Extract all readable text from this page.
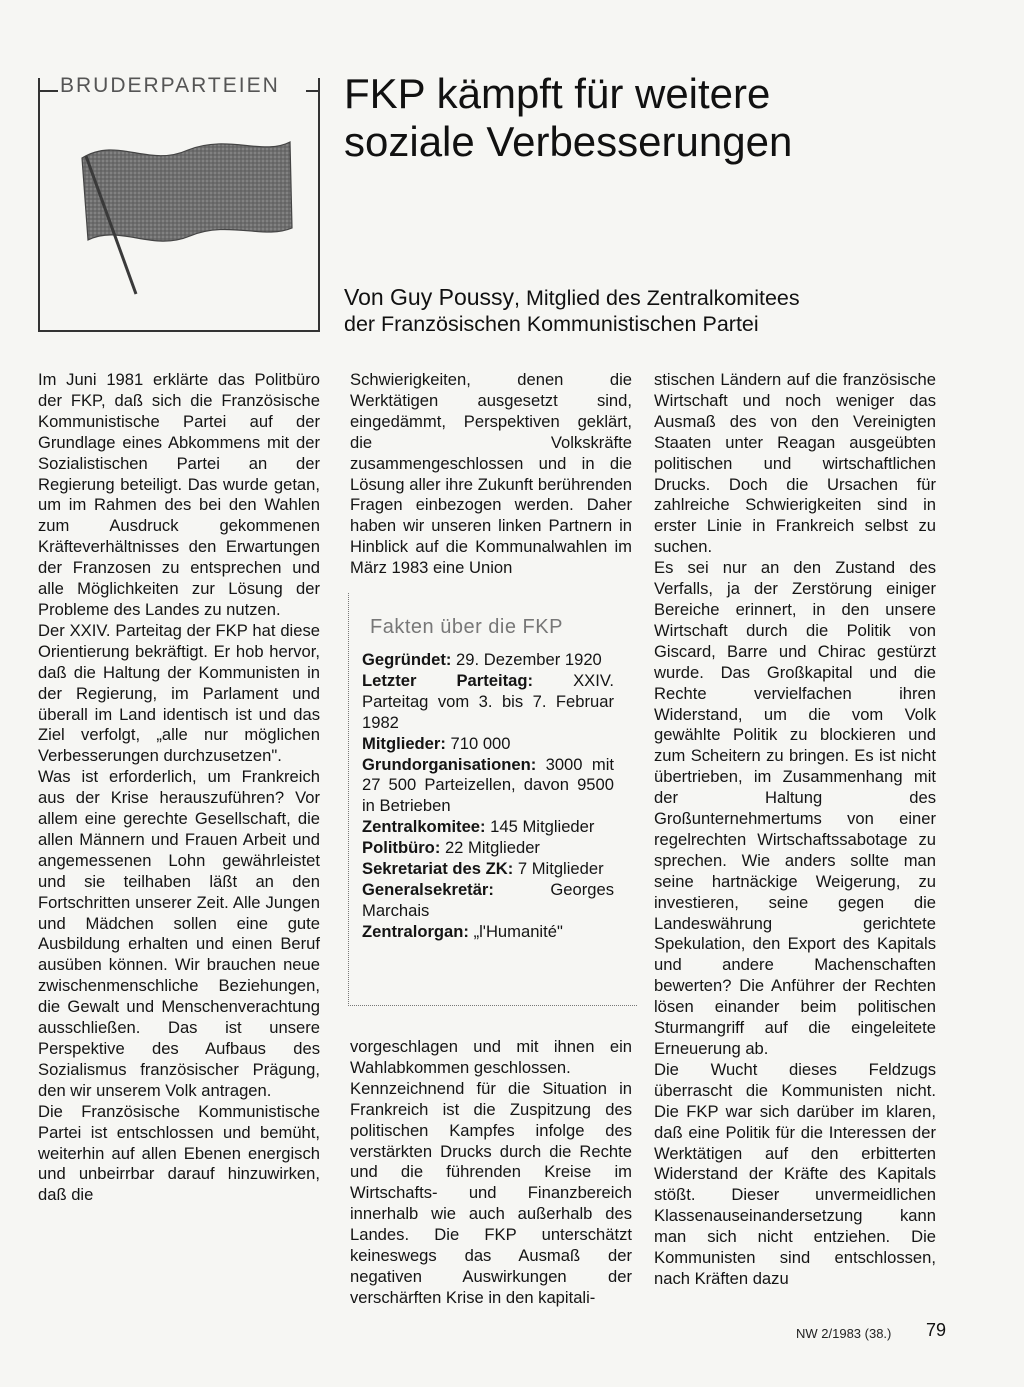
BRUDERPARTEIEN FKP kämpft für weitere
soziale Verbesserungen
Von Guy Poussy, Mitglied des Zentralkomitees
der Französischen Kommunistischen Partei

Im Juni 1981 erklärte das Politbüro der FKP, daß sich die Französische Kommunistische Partei auf der Grundlage eines Abkommens mit der Sozialistischen Partei an der Regierung beteiligt. Das wurde getan, um im Rahmen des bei den Wahlen zum Ausdruck gekommenen Kräfteverhältnisses den Erwartungen der Franzosen zu entsprechen und alle Möglichkeiten zur Lösung der Probleme des Landes zu nutzen.

Der XXIV. Parteitag der FKP hat diese Orientierung bekräftigt. Er hob hervor, daß die Haltung der Kommunisten in der Regierung, im Parlament und überall im Land identisch ist und das Ziel verfolgt, „alle nur möglichen Verbesserungen durchzusetzen".

Was ist erforderlich, um Frankreich aus der Krise herauszuführen? Vor allem eine gerechte Gesellschaft, die allen Männern und Frauen Arbeit und angemessenen Lohn gewährleistet und sie teilhaben läßt an den Fortschritten unserer Zeit. Alle Jungen und Mädchen sollen eine gute Ausbildung erhalten und einen Beruf ausüben können. Wir brauchen neue zwischenmenschliche Beziehungen, die Gewalt und Menschenverachtung ausschließen. Das ist unsere Perspektive des Aufbaus des Sozialismus französischer Prägung, den wir unserem Volk antragen.

Die Französische Kommunistische Partei ist entschlossen und bemüht, weiterhin auf allen Ebenen energisch und unbeirrbar darauf hinzuwirken, daß die

Schwierigkeiten, denen die Werktätigen ausgesetzt sind, eingedämmt, Perspektiven geklärt, die Volkskräfte zusammengeschlossen und in die Lösung aller ihre Zukunft berührenden Fragen einbezogen werden. Daher haben wir unseren linken Partnern in Hinblick auf die Kommunalwahlen im März 1983 eine Union

Fakten über die FKP

Gegründet: 29. Dezember 1920

Letzter Parteitag: XXIV. Parteitag vom 3. bis 7. Februar 1982

Mitglieder: 710 000

Grundorganisationen: 3000 mit 27 500 Parteizellen, davon 9500 in Betrieben

Zentralkomitee: 145 Mitglieder

Politbüro: 22 Mitglieder

Sekretariat des ZK: 7 Mitglieder

Generalsekretär: Georges Marchais

Zentralorgan: „l'Humanité"

vorgeschlagen und mit ihnen ein Wahlabkommen geschlossen.

Kennzeichnend für die Situation in Frankreich ist die Zuspitzung des politischen Kampfes infolge des verstärkten Drucks durch die Rechte und die führenden Kreise im Wirtschafts- und Finanzbereich innerhalb wie auch außerhalb des Landes. Die FKP unterschätzt keineswegs das Ausmaß der negativen Auswirkungen der verschärften Krise in den kapitali-

stischen Ländern auf die französische Wirtschaft und noch weniger das Ausmaß des von den Vereinigten Staaten unter Reagan ausgeübten politischen und wirtschaftlichen Drucks. Doch die Ursachen für zahlreiche Schwierigkeiten sind in erster Linie in Frankreich selbst zu suchen.

Es sei nur an den Zustand des Verfalls, ja der Zerstörung einiger Bereiche erinnert, in den unsere Wirtschaft durch die Politik von Giscard, Barre und Chirac gestürzt wurde. Das Großkapital und die Rechte vervielfachen ihren Widerstand, um die vom Volk gewählte Politik zu blockieren und zum Scheitern zu bringen. Es ist nicht übertrieben, im Zusammenhang mit der Haltung des Großunternehmertums von einer regelrechten Wirtschaftssabotage zu sprechen. Wie anders sollte man seine hartnäckige Weigerung, zu investieren, seine gegen die Landeswährung gerichtete Spekulation, den Export des Kapitals und andere Machenschaften bewerten? Die Anführer der Rechten lösen einander beim politischen Sturmangriff auf die eingeleitete Erneuerung ab.

Die Wucht dieses Feldzugs überrascht die Kommunisten nicht. Die FKP war sich darüber im klaren, daß eine Politik für die Interessen der Werktätigen auf den erbitterten Widerstand der Kräfte des Kapitals stößt. Dieser unvermeidlichen Klassenauseinandersetzung kann man sich nicht entziehen. Die Kommunisten sind entschlossen, nach Kräften dazu

NW 2/1983 (38.) 79
